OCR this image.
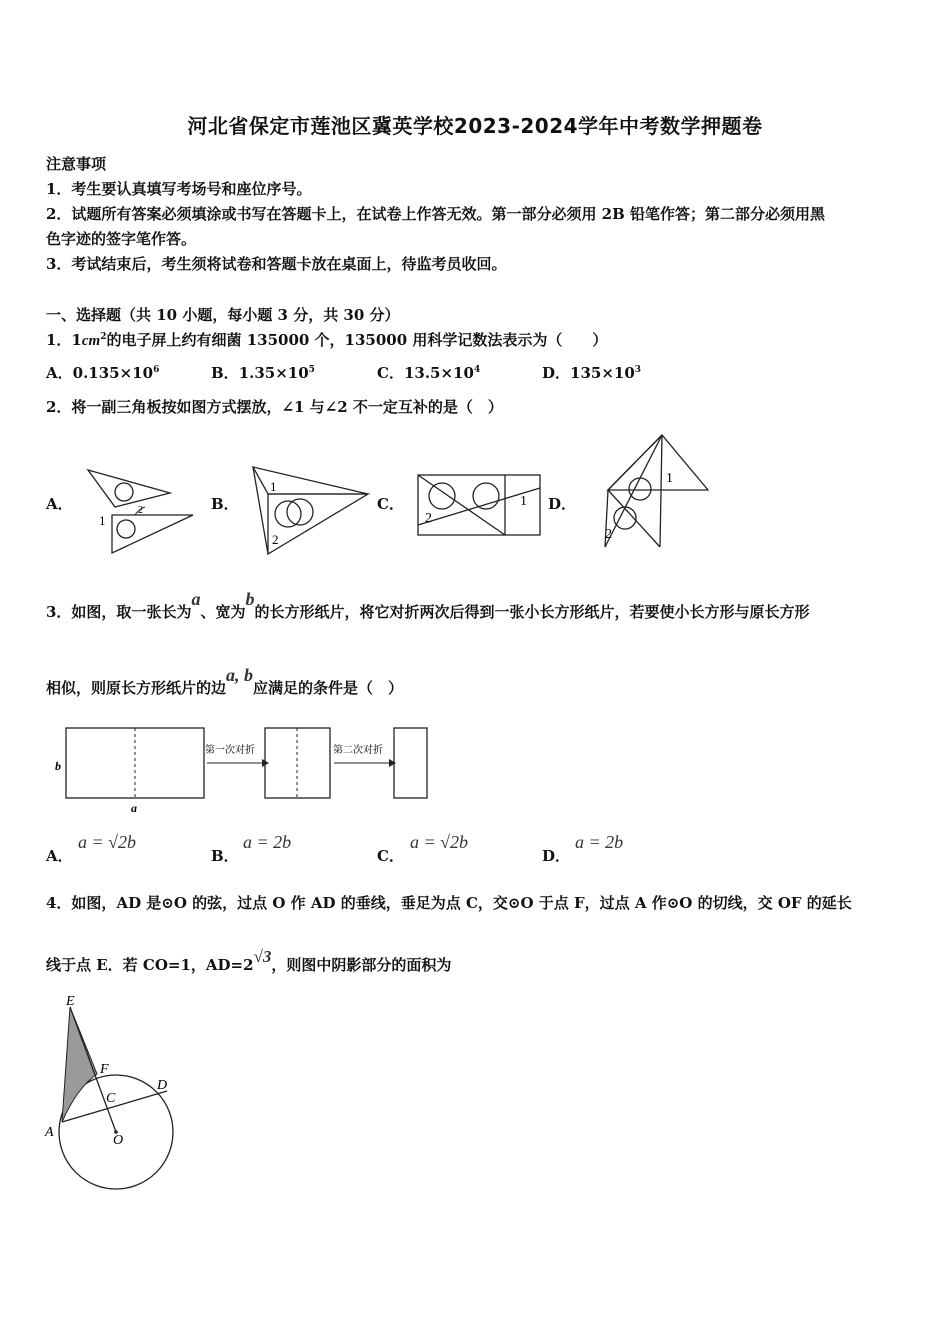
河北省保定市莲池区冀英学校2023-2024学年中考数学押题卷
注意事项
1．考生要认真填写考场号和座位序号。
2．试题所有答案必须填涂或书写在答题卡上，在试卷上作答无效。第一部分必须用 2B 铅笔作答；第二部分必须用黑
色字迹的签字笔作答。
3．考试结束后，考生须将试卷和答题卡放在桌面上，待监考员收回。
一、选择题（共 10 小题，每小题 3 分，共 30 分）
1．$1cm^2$的电子屏上约有细菌 135000 个，135000 用科学记数法表示为（　　）
A．$0.135\times 10^6$	B．$1.35\times 10^5$	C．$13.5\times 10^4$	D．$135\times 10^3$
2．将一副三角板按如图方式摆放，∠1 与∠2 不一定互补的是（　）
A．	2
1
B．
1
2
C．	1
2
D．
1
2
3．如图，取一张长为a、宽为b的长方形纸片，将它对折两次后得到一张小长方形纸片，若要使小长方形与原长方形
相似，则原长方形纸片的边a, b应满足的条件是（　）
b
a
第一次对折	第二次对折
A．
a = √2b
B．
a = 2b
C．
a = √2b
D．
a = 2b
4．如图，AD 是⊙O 的弦，过点 O 作 AD 的垂线，垂足为点 C，交⊙O 于点 F，过点 A 作⊙O 的切线，交 OF 的延长
线于点 E．若 CO=1，AD=2√3，则图中阴影部分的面积为
E
F
C
D
A
O
